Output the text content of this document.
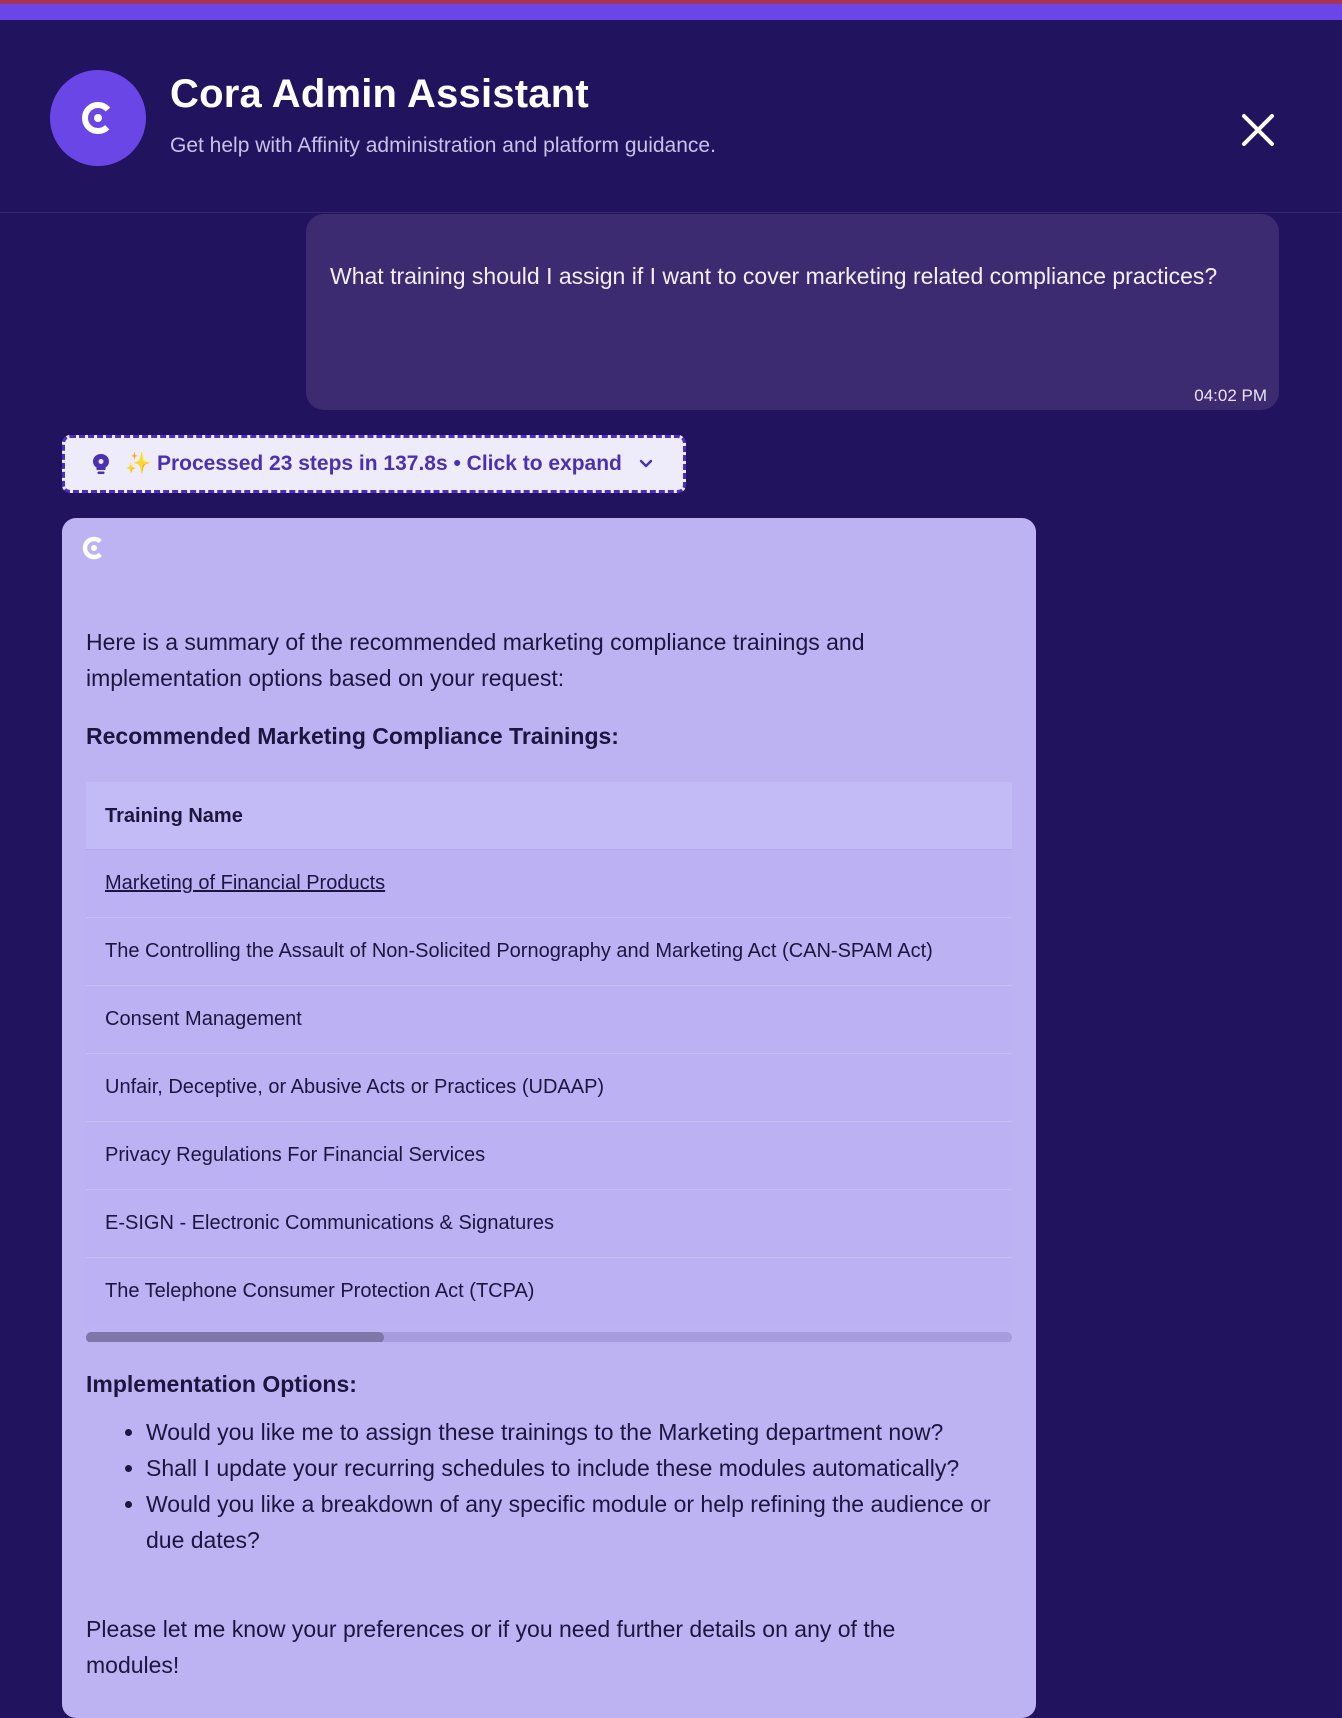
Cora Admin Assistant
Get help with Affinity administration and platform guidance.
What training should I assign if I want to cover marketing related compliance practices?
04:02 PM
✨ Processed 23 steps in 137.8s • Click to expand
Here is a summary of the recommended marketing compliance trainings and implementation options based on your request:
Recommended Marketing Compliance Trainings:
Training Name
Marketing of Financial Products
The Controlling the Assault of Non-Solicited Pornography and Marketing Act (CAN-SPAM Act)
Consent Management
Unfair, Deceptive, or Abusive Acts or Practices (UDAAP)
Privacy Regulations For Financial Services
E-SIGN - Electronic Communications & Signatures
The Telephone Consumer Protection Act (TCPA)
Implementation Options:
• Would you like me to assign these trainings to the Marketing department now?
• Shall I update your recurring schedules to include these modules automatically?
• Would you like a breakdown of any specific module or help refining the audience or due dates?
Please let me know your preferences or if you need further details on any of the modules!
